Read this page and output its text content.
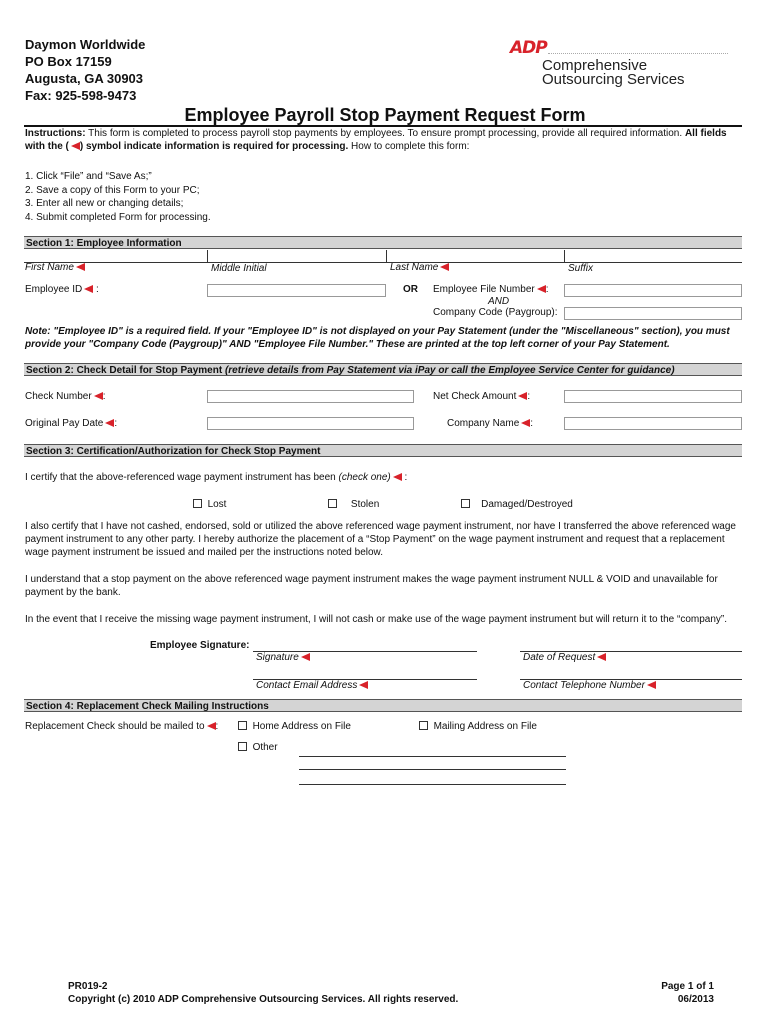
Daymon Worldwide
PO Box 17159
Augusta, GA 30903
Fax: 925-598-9473
ADP
Comprehensive
Outsourcing Services
Employee Payroll Stop Payment Request Form
Instructions: This form is completed to process payroll stop payments by employees. To ensure prompt processing, provide all required information. All fields with the ( ) symbol indicate information is required for processing. How to complete this form:
1. Click “File” and “Save As;”
2. Save a copy of this Form to your PC;
3. Enter all new or changing details;
4. Submit completed Form for processing.
Section 1: Employee Information
First Name	Middle Initial	Last Name	Suffix
Employee ID :	OR Employee File Number :
AND
Company Code (Paygroup):
Note: "Employee ID" is a required field. If your "Employee ID" is not displayed on your Pay Statement (under the "Miscellaneous" section), you must provide your "Company Code (Paygroup)" AND "Employee File Number." These are printed at the top left corner of your Pay Statement.
Section 2: Check Detail for Stop Payment (retrieve details from Pay Statement via iPay or call the Employee Service Center for guidance)
Check Number :	Net Check Amount :
Original Pay Date :	Company Name :
Section 3: Certification/Authorization for Check Stop Payment
I certify that the above-referenced wage payment instrument has been (check one) :
Lost	Stolen	Damaged/Destroyed
I also certify that I have not cashed, endorsed, sold or utilized the above referenced wage payment instrument, nor have I transferred the above referenced wage payment instrument to any other party. I hereby authorize the placement of a “Stop Payment” on the wage payment instrument and request that a replacement wage payment instrument be issued and mailed per the instructions noted below.
I understand that a stop payment on the above referenced wage payment instrument makes the wage payment instrument NULL & VOID and unavailable for payment by the bank.
In the event that I receive the missing wage payment instrument, I will not cash or make use of the wage payment instrument but will return it to the “company”.
Employee Signature:
Signature	Date of Request
Contact Email Address	Contact Telephone Number
Section 4: Replacement Check Mailing Instructions
Replacement Check should be mailed to :	Home Address on File	Mailing Address on File
Other
PR019-2
Copyright (c) 2010 ADP Comprehensive Outsourcing Services. All rights reserved.
Page 1 of 1
06/2013
